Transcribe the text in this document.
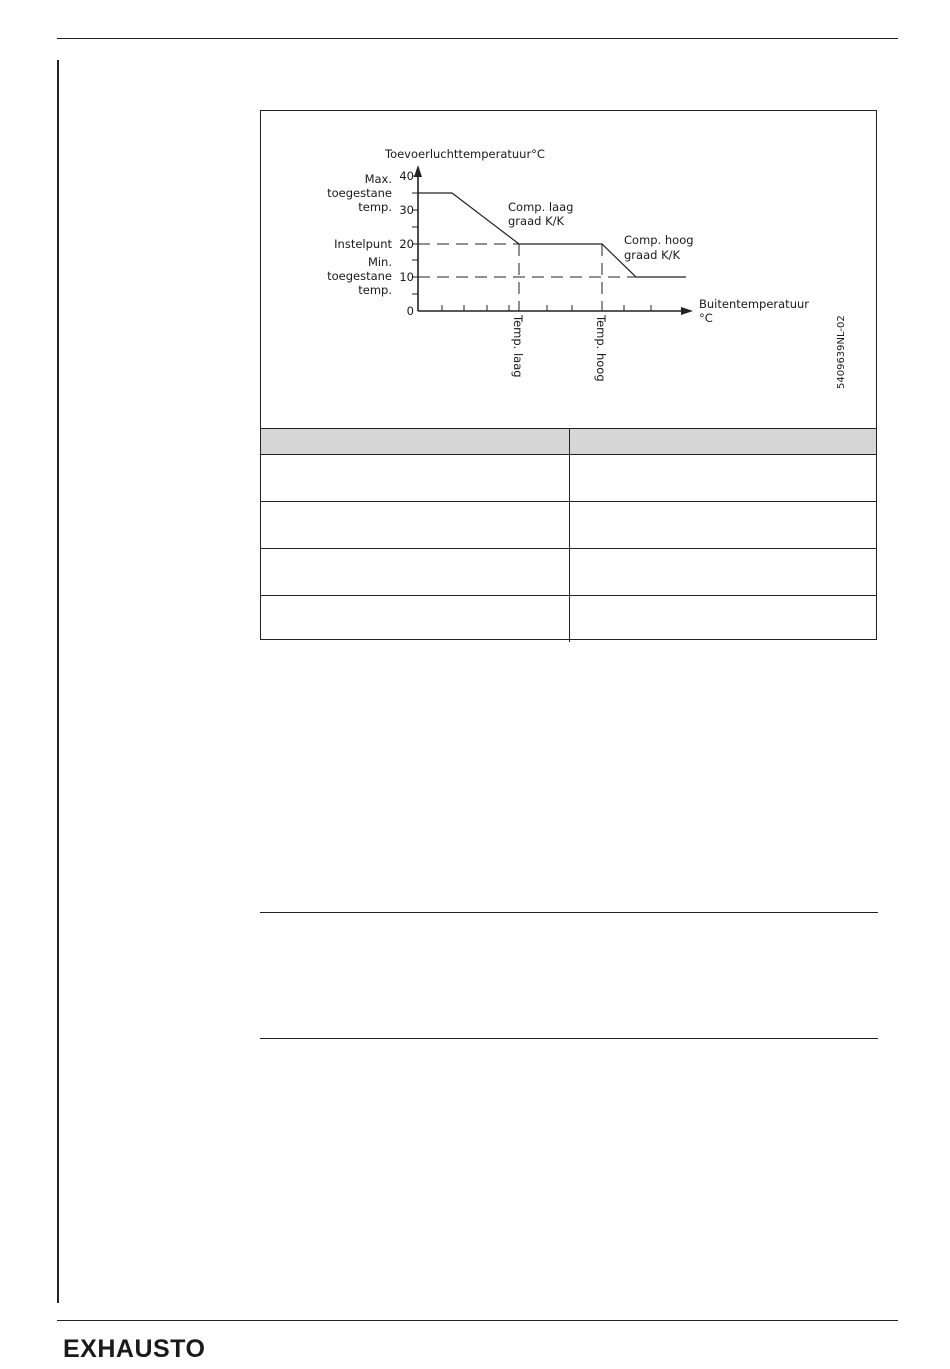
Toevoerluchttemperatuur°C
40
30
20
10
0
Max.
toegestane
temp.
Instelpunt
Min.
toegestane
temp.
Comp. laag
graad K/K
Comp. hoog
graad K/K
Buitentemperatuur
°C
Temp. laag	Temp. hoog	5409639NL-02

EXHAUSTO
